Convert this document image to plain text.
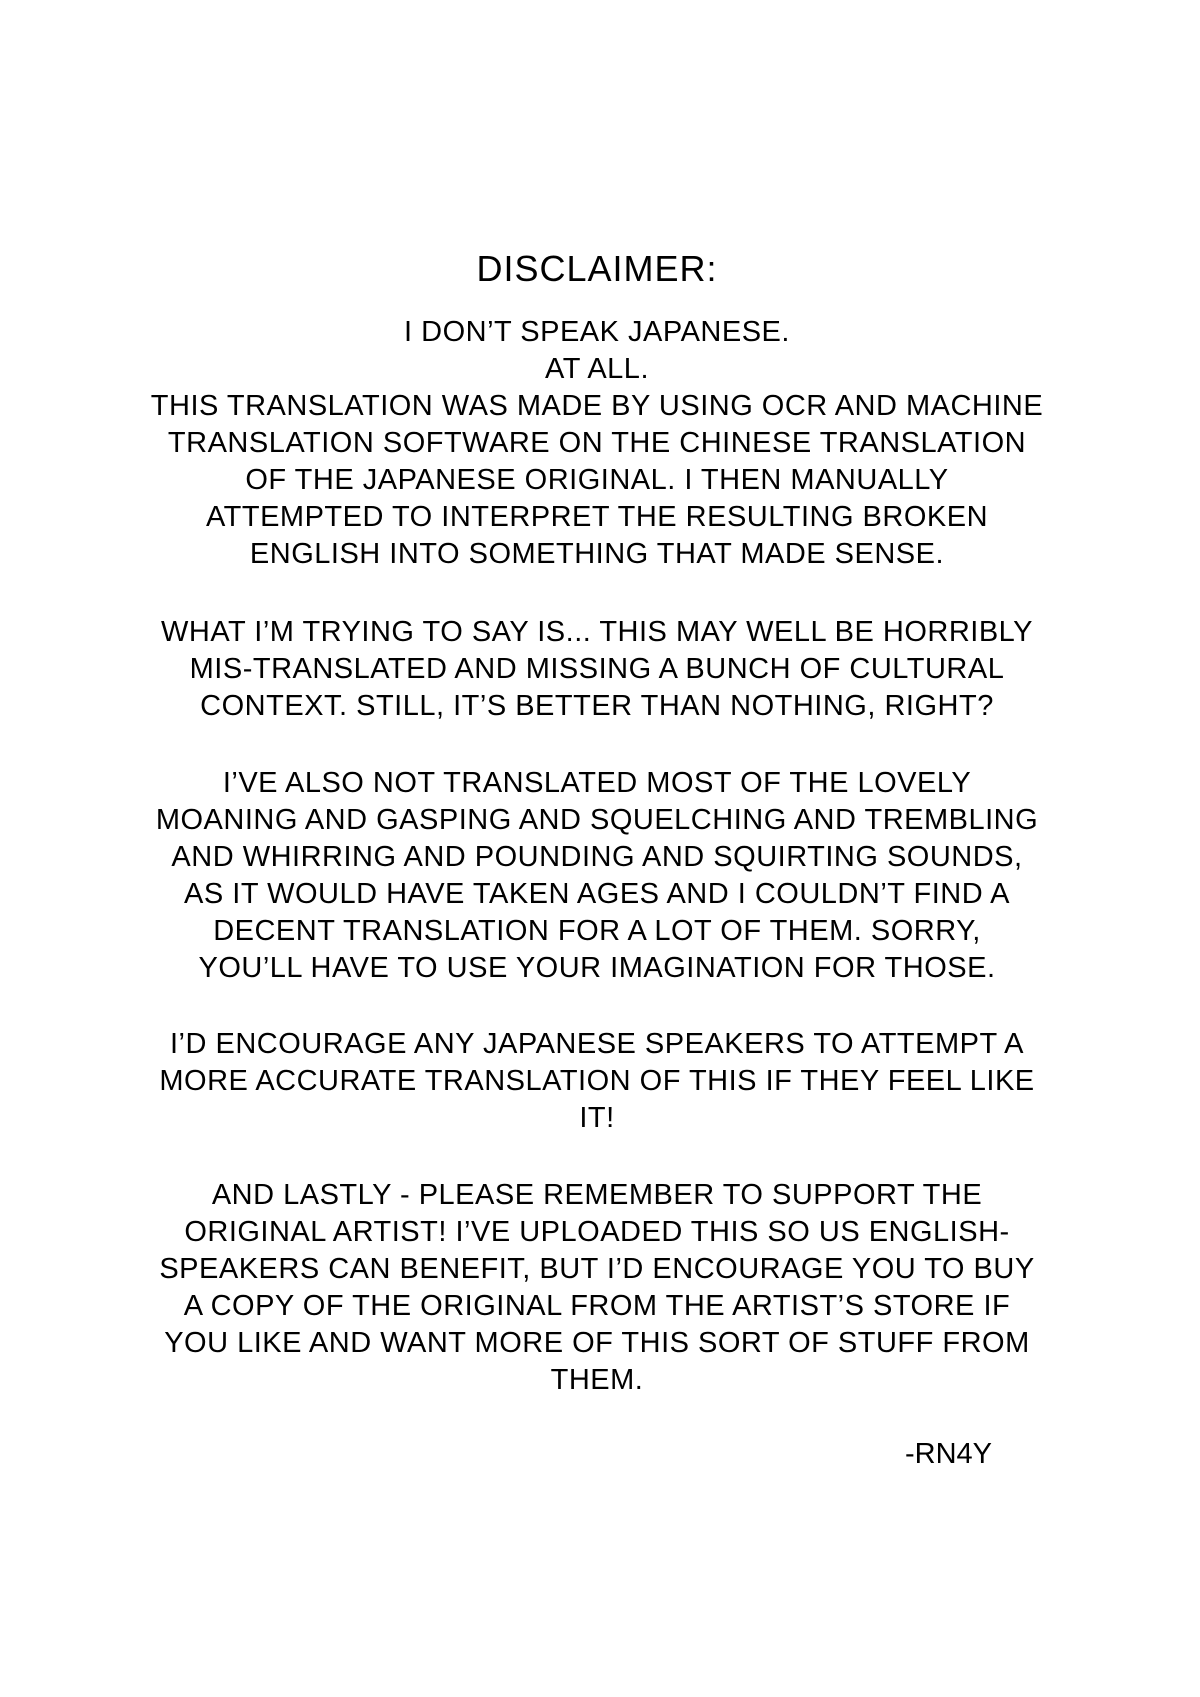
DISCLAIMER:
I DON’T SPEAK JAPANESE.
AT ALL.
THIS TRANSLATION WAS MADE BY USING OCR AND MACHINE
TRANSLATION SOFTWARE ON THE CHINESE TRANSLATION
OF THE JAPANESE ORIGINAL. I THEN MANUALLY
ATTEMPTED TO INTERPRET THE RESULTING BROKEN
ENGLISH INTO SOMETHING THAT MADE SENSE.
WHAT I’M TRYING TO SAY IS... THIS MAY WELL BE HORRIBLY
MIS-TRANSLATED AND MISSING A BUNCH OF CULTURAL
CONTEXT. STILL, IT’S BETTER THAN NOTHING, RIGHT?
I’VE ALSO NOT TRANSLATED MOST OF THE LOVELY
MOANING AND GASPING AND SQUELCHING AND TREMBLING
AND WHIRRING AND POUNDING AND SQUIRTING SOUNDS,
AS IT WOULD HAVE TAKEN AGES AND I COULDN’T FIND A
DECENT TRANSLATION FOR A LOT OF THEM. SORRY,
YOU’LL HAVE TO USE YOUR IMAGINATION FOR THOSE.
I’D ENCOURAGE ANY JAPANESE SPEAKERS TO ATTEMPT A
MORE ACCURATE TRANSLATION OF THIS IF THEY FEEL LIKE
IT!
AND LASTLY - PLEASE REMEMBER TO SUPPORT THE
ORIGINAL ARTIST! I’VE UPLOADED THIS SO US ENGLISH-
SPEAKERS CAN BENEFIT, BUT I’D ENCOURAGE YOU TO BUY
A COPY OF THE ORIGINAL FROM THE ARTIST’S STORE IF
YOU LIKE AND WANT MORE OF THIS SORT OF STUFF FROM
THEM.
-RN4Y
